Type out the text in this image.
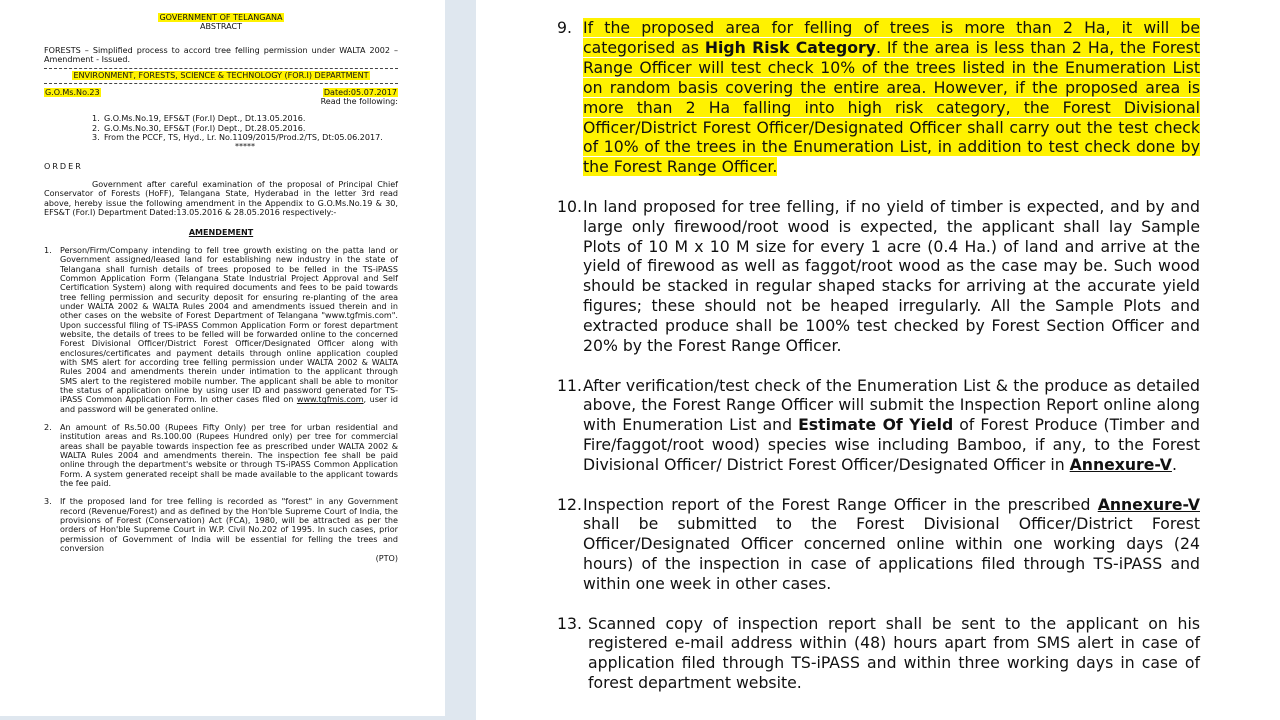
GOVERNMENT OF TELANGANA
ABSTRACT
FORESTS – Simplified process to accord tree felling permission under WALTA 2002 – Amendment - Issued.
ENVIRONMENT, FORESTS, SCIENCE & TECHNOLOGY (FOR.I) DEPARTMENT
G.O.Ms.No.23	Dated:05.07.2017
Read the following:
1. G.O.Ms.No.19, EFS&T (For.I) Dept., Dt.13.05.2016.
2. G.O.Ms.No.30, EFS&T (For.I) Dept., Dt.28.05.2016.
3. From the PCCF, TS, Hyd., Lr. No.1109/2015/Prod.2/TS, Dt:05.06.2017.
*****
ORDER
Government after careful examination of the proposal of Principal Chief Conservator of Forests (HoFF), Telangana State, Hyderabad in the letter 3rd read above, hereby issue the following amendment in the Appendix to G.O.Ms.No.19 & 30, EFS&T (For.I) Department Dated:13.05.2016 & 28.05.2016 respectively:-
AMENDEMENT
1.	Person/Firm/Company intending to fell tree growth existing on the patta land or Government assigned/leased land for establishing new industry in the state of Telangana shall furnish details of trees proposed to be felled in the TS-iPASS Common Application Form (Telangana State Industrial Project Approval and Self Certification System) along with required documents and fees to be paid towards tree felling permission and security deposit for ensuring re-planting of the area under WALTA 2002 & WALTA Rules 2004 and amendments issued therein and in other cases on the website of Forest Department of Telangana "www.tgfmis.com". Upon successful filing of TS-iPASS Common Application Form or forest department website, the details of trees to be felled will be forwarded online to the concerned Forest Divisional Officer/District Forest Officer/Designated Officer along with enclosures/certificates and payment details through online application coupled with SMS alert for according tree felling permission under WALTA 2002 & WALTA Rules 2004 and amendments therein under intimation to the applicant through SMS alert to the registered mobile number. The applicant shall be able to monitor the status of application online by using user ID and password generated for TS-iPASS Common Application Form. In other cases filed on www.tgfmis.com, user id and password will be generated online.
2.	An amount of Rs.50.00 (Rupees Fifty Only) per tree for urban residential and institution areas and Rs.100.00 (Rupees Hundred only) per tree for commercial areas shall be payable towards inspection fee as prescribed under WALTA 2002 & WALTA Rules 2004 and amendments therein. The inspection fee shall be paid online through the department's website or through TS-iPASS Common Application Form. A system generated receipt shall be made available to the applicant towards the fee paid.
3.	If the proposed land for tree felling is recorded as "forest" in any Government record (Revenue/Forest) and as defined by the Hon'ble Supreme Court of India, the provisions of Forest (Conservation) Act (FCA), 1980, will be attracted as per the orders of Hon'ble Supreme Court in W.P. Civil No.202 of 1995. In such cases, prior permission of Government of India will be essential for felling the trees and conversion
(PTO)
9. If the proposed area for felling of trees is more than 2 Ha, it will be categorised as High Risk Category. If the area is less than 2 Ha, the Forest Range Officer will test check 10% of the trees listed in the Enumeration List on random basis covering the entire area. However, if the proposed area is more than 2 Ha falling into high risk category, the Forest Divisional Officer/District Forest Officer/Designated Officer shall carry out the test check of 10% of the trees in the Enumeration List, in addition to test check done by the Forest Range Officer.
10. In land proposed for tree felling, if no yield of timber is expected, and by and large only firewood/root wood is expected, the applicant shall lay Sample Plots of 10 M x 10 M size for every 1 acre (0.4 Ha.) of land and arrive at the yield of firewood as well as faggot/root wood as the case may be. Such wood should be stacked in regular shaped stacks for arriving at the accurate yield figures; these should not be heaped irregularly. All the Sample Plots and extracted produce shall be 100% test checked by Forest Section Officer and 20% by the Forest Range Officer.
11. After verification/test check of the Enumeration List & the produce as detailed above, the Forest Range Officer will submit the Inspection Report online along with Enumeration List and Estimate Of Yield of Forest Produce (Timber and Fire/faggot/root wood) species wise including Bamboo, if any, to the Forest Divisional Officer/ District Forest Officer/Designated Officer in Annexure-V.
12. Inspection report of the Forest Range Officer in the prescribed Annexure-V shall be submitted to the Forest Divisional Officer/District Forest Officer/Designated Officer concerned online within one working days (24 hours) of the inspection in case of applications filed through TS-iPASS and within one week in other cases.
13. Scanned copy of inspection report shall be sent to the applicant on his registered e-mail address within (48) hours apart from SMS alert in case of application filed through TS-iPASS and within three working days in case of forest department website.
